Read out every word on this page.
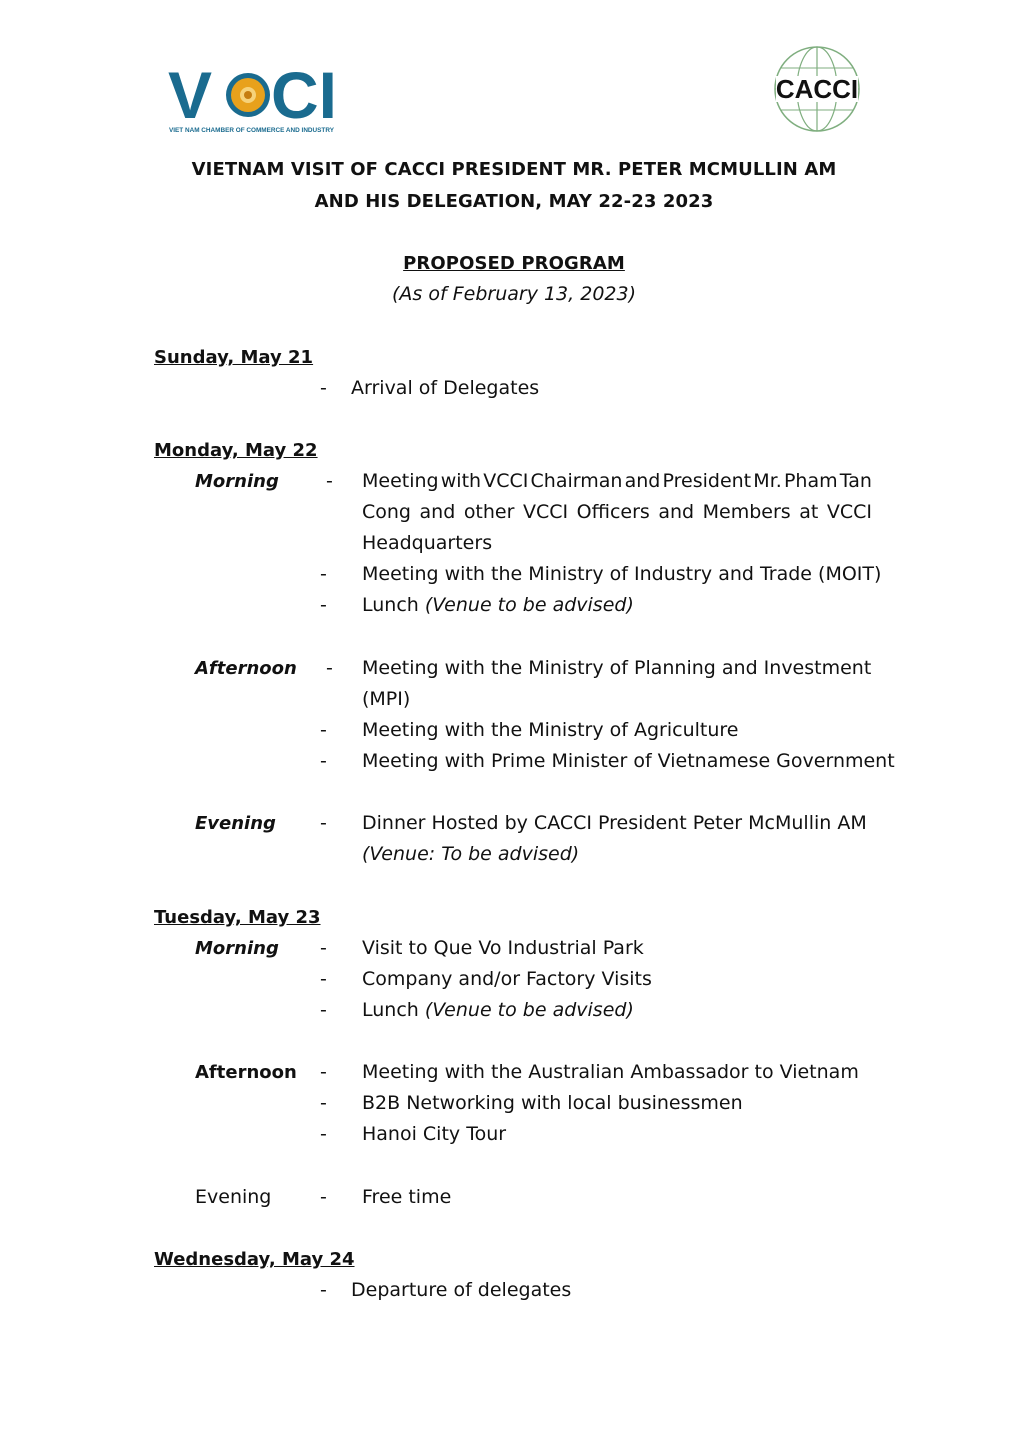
V CI
VIET NAM CHAMBER OF COMMERCE AND INDUSTRY
CACCI
VIETNAM VISIT OF CACCI PRESIDENT MR. PETER MCMULLIN AM
AND HIS DELEGATION, MAY 22-23 2023
PROPOSED PROGRAM
(As of February 13, 2023)
Sunday, May 21
- Arrival of Delegates
Monday, May 22
Morning - Meeting with VCCI Chairman and President Mr. Pham Tan
Cong and other VCCI Officers and Members at VCCI
Headquarters
- Meeting with the Ministry of Industry and Trade (MOIT)
- Lunch (Venue to be advised)
Afternoon - Meeting with the Ministry of Planning and Investment
(MPI)
- Meeting with the Ministry of Agriculture
- Meeting with Prime Minister of Vietnamese Government
Evening - Dinner Hosted by CACCI President Peter McMullin AM
(Venue: To be advised)
Tuesday, May 23
Morning - Visit to Que Vo Industrial Park
- Company and/or Factory Visits
- Lunch (Venue to be advised)
Afternoon - Meeting with the Australian Ambassador to Vietnam
- B2B Networking with local businessmen
- Hanoi City Tour
Evening	- Free time
Wednesday, May 24
- Departure of delegates
